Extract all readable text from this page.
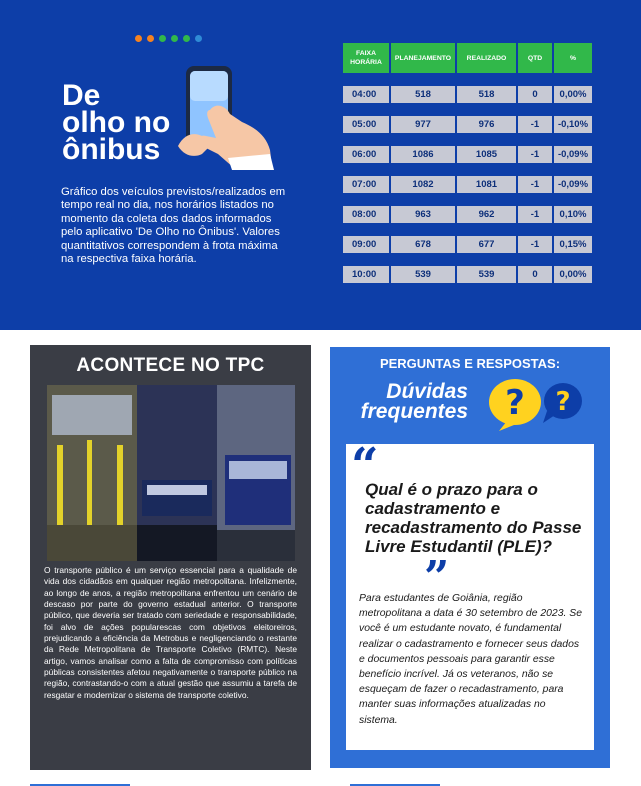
De
olho no
ônibus
Gráfico dos veículos previstos/realizados em tempo real no dia, nos horários listados no momento da coleta dos dados informados pelo aplicativo 'De Olho no Ônibus'. Valores quantitativos correspondem à frota máxima na respectiva faixa horária.
FAIXA HORÁRIA	PLANEJAMENTO	REALIZADO	QTD	%

04:00	518	518	0	0,00%

05:00	977	976	-1	-0,10%

06:00	1086	1085	-1	-0,09%

07:00	1082	1081	-1	-0,09%

08:00	963	962	-1	0,10%

09:00	678	677	-1	0,15%

10:00	539	539	0	0,00%
ACONTECE NO TPC

O transporte público é um serviço essencial para a qualidade de vida dos cidadãos em qualquer região metropolitana. Infelizmente, ao longo de anos, a região metropolitana enfrentou um cenário de descaso por parte do governo estadual anterior. O transporte público, que deveria ser tratado com seriedade e responsabilidade, foi alvo de ações popularescas com objetivos eleitoreiros, prejudicando a eficiência da Metrobus e negligenciando o restante da Rede Metropolitana de Transporte Coletivo (RMTC). Neste artigo, vamos analisar como a falta de compromisso com políticas públicas consistentes afetou negativamente o transporte público na região, contrastando-o com a atual gestão que assumiu a tarefa de resgatar e modernizar o sistema de transporte coletivo.

PERGUNTAS E RESPOSTAS:
Dúvidas
frequentes	?
?
“
Qual é o prazo para o cadastramento e recadastramento do Passe Livre Estudantil (PLE)?
”
Para estudantes de Goiânia, região metropolitana a data é 30 setembro de 2023. Se você é um estudante novato, é fundamental realizar o cadastramento e fornecer seus dados e documentos pessoais para garantir esse benefício incrível. Já os veteranos, não se esqueçam de fazer o recadastramento, para manter suas informações atualizadas no sistema.
